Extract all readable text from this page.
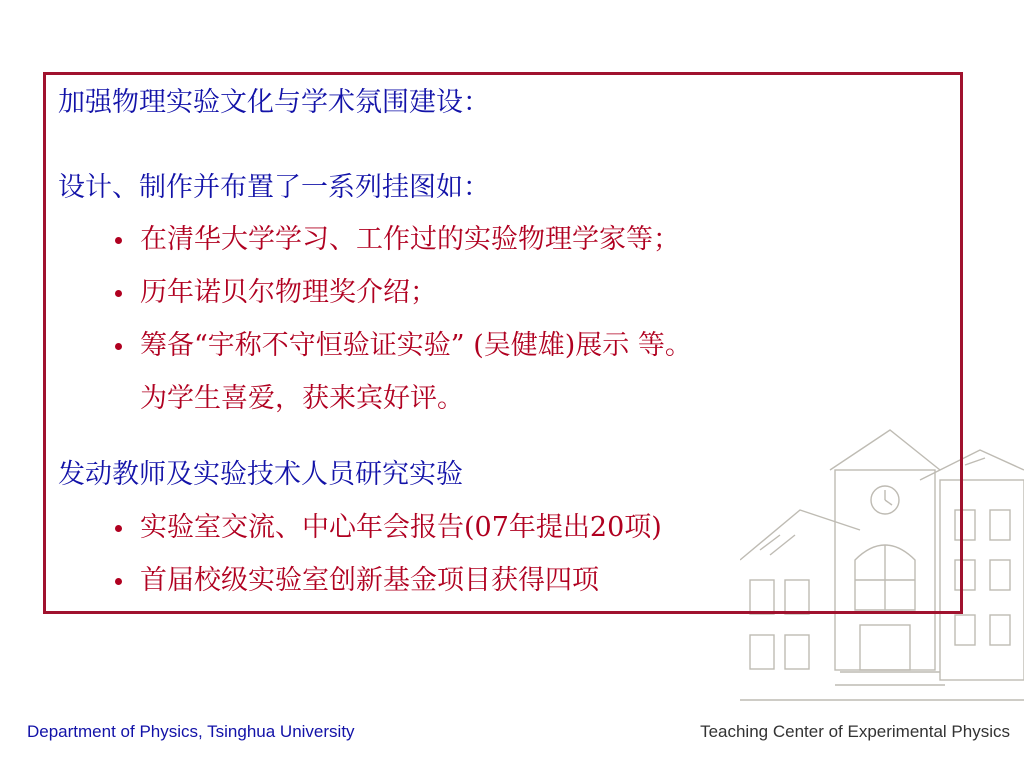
加强物理实验文化与学术氛围建设：
设计、制作并布置了一系列挂图如：
在清华大学学习、工作过的实验物理学家等；
历年诺贝尔物理奖介绍；
筹备“宇称不守恒验证实验” (吴健雄)展示 等。
为学生喜爱，获来宾好评。
发动教师及实验技术人员研究实验
实验室交流、中心年会报告(07年提出20项)
首届校级实验室创新基金项目获得四项
Department of Physics, Tsinghua University	Teaching Center of Experimental Physics
